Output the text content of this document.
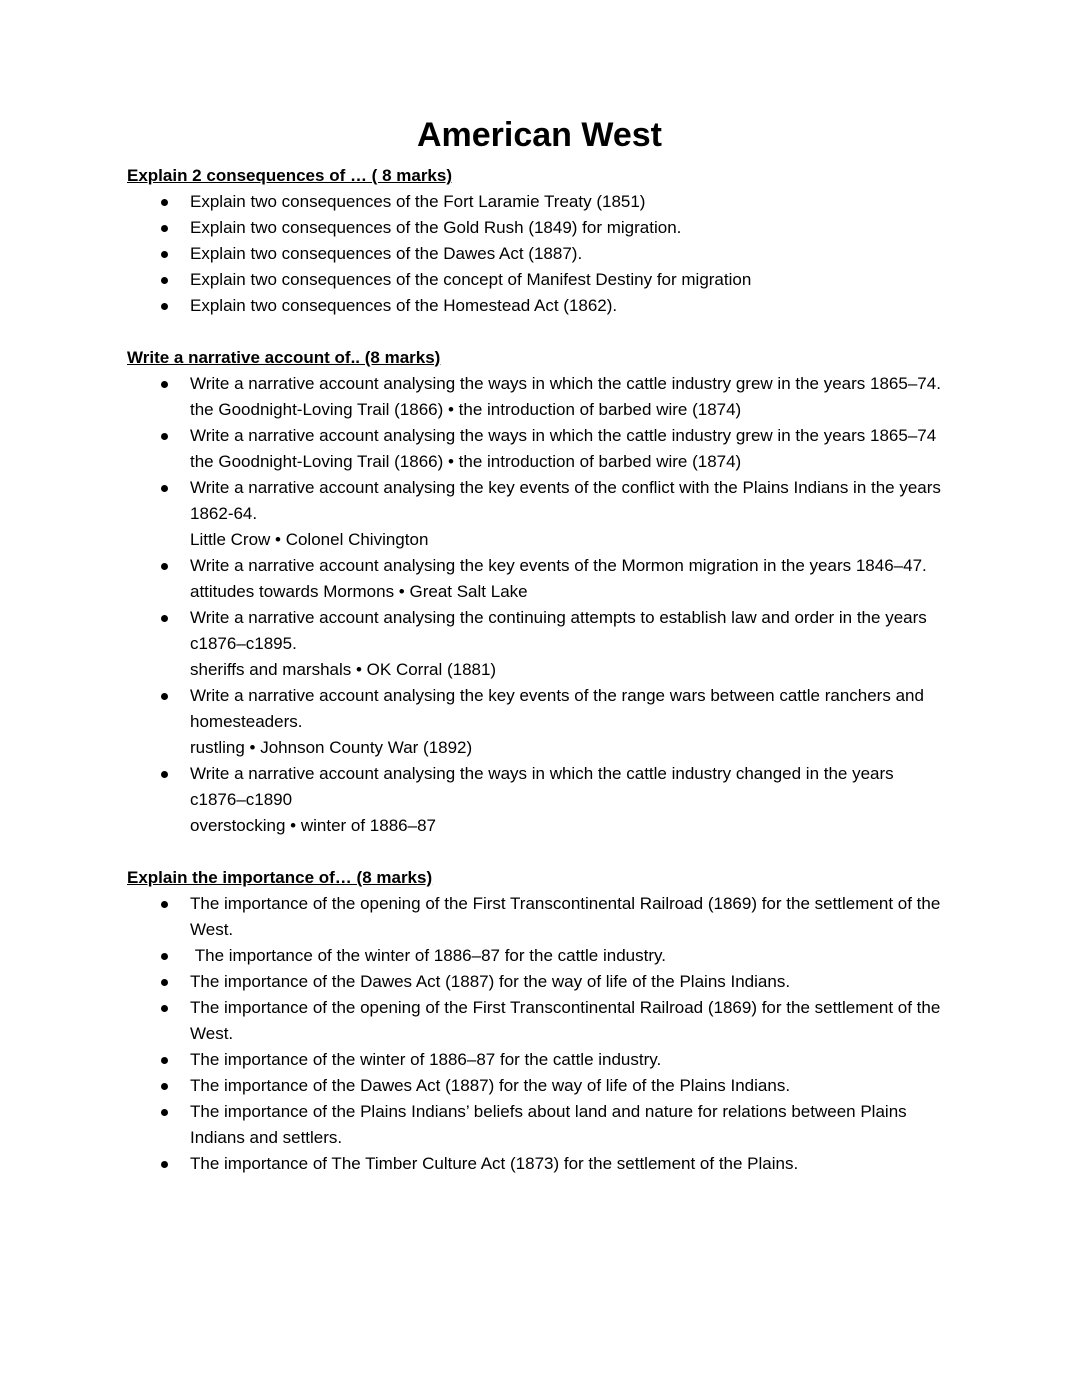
American West
Explain 2 consequences of … ( 8 marks)
Explain two consequences of the Fort Laramie Treaty (1851)
Explain two consequences of the Gold Rush (1849) for migration.
Explain two consequences of the Dawes Act (1887).
Explain two consequences of the concept of Manifest Destiny for migration
Explain two consequences of the Homestead Act (1862).
Write a narrative account of.. (8 marks)
Write a narrative account analysing the ways in which the cattle industry grew in the years 1865–74.
the Goodnight-Loving Trail (1866) • the introduction of barbed wire (1874)
Write a narrative account analysing the ways in which the cattle industry grew in the years 1865–74
the Goodnight-Loving Trail (1866) • the introduction of barbed wire (1874)
Write a narrative account analysing the key events of the conflict with the Plains Indians in the years 1862-64.
Little Crow • Colonel Chivington
Write a narrative account analysing the key events of the Mormon migration in the years 1846–47.
attitudes towards Mormons • Great Salt Lake
Write a narrative account analysing the continuing attempts to establish law and order in the years c1876–c1895.
sheriffs and marshals • OK Corral (1881)
Write a narrative account analysing the key events of the range wars between cattle ranchers and homesteaders.
rustling • Johnson County War (1892)
Write a narrative account analysing the ways in which the cattle industry changed in the years c1876–c1890
overstocking • winter of 1886–87
Explain the importance of… (8 marks)
The importance of the opening of the First Transcontinental Railroad (1869) for the settlement of the West.
The importance of the winter of 1886–87 for the cattle industry.
The importance of the Dawes Act (1887) for the way of life of the Plains Indians.
The importance of the opening of the First Transcontinental Railroad (1869) for the settlement of the West.
The importance of the winter of 1886–87 for the cattle industry.
The importance of the Dawes Act (1887) for the way of life of the Plains Indians.
The importance of the Plains Indians’ beliefs about land and nature for relations between Plains Indians and settlers.
The importance of The Timber Culture Act (1873) for the settlement of the Plains.
